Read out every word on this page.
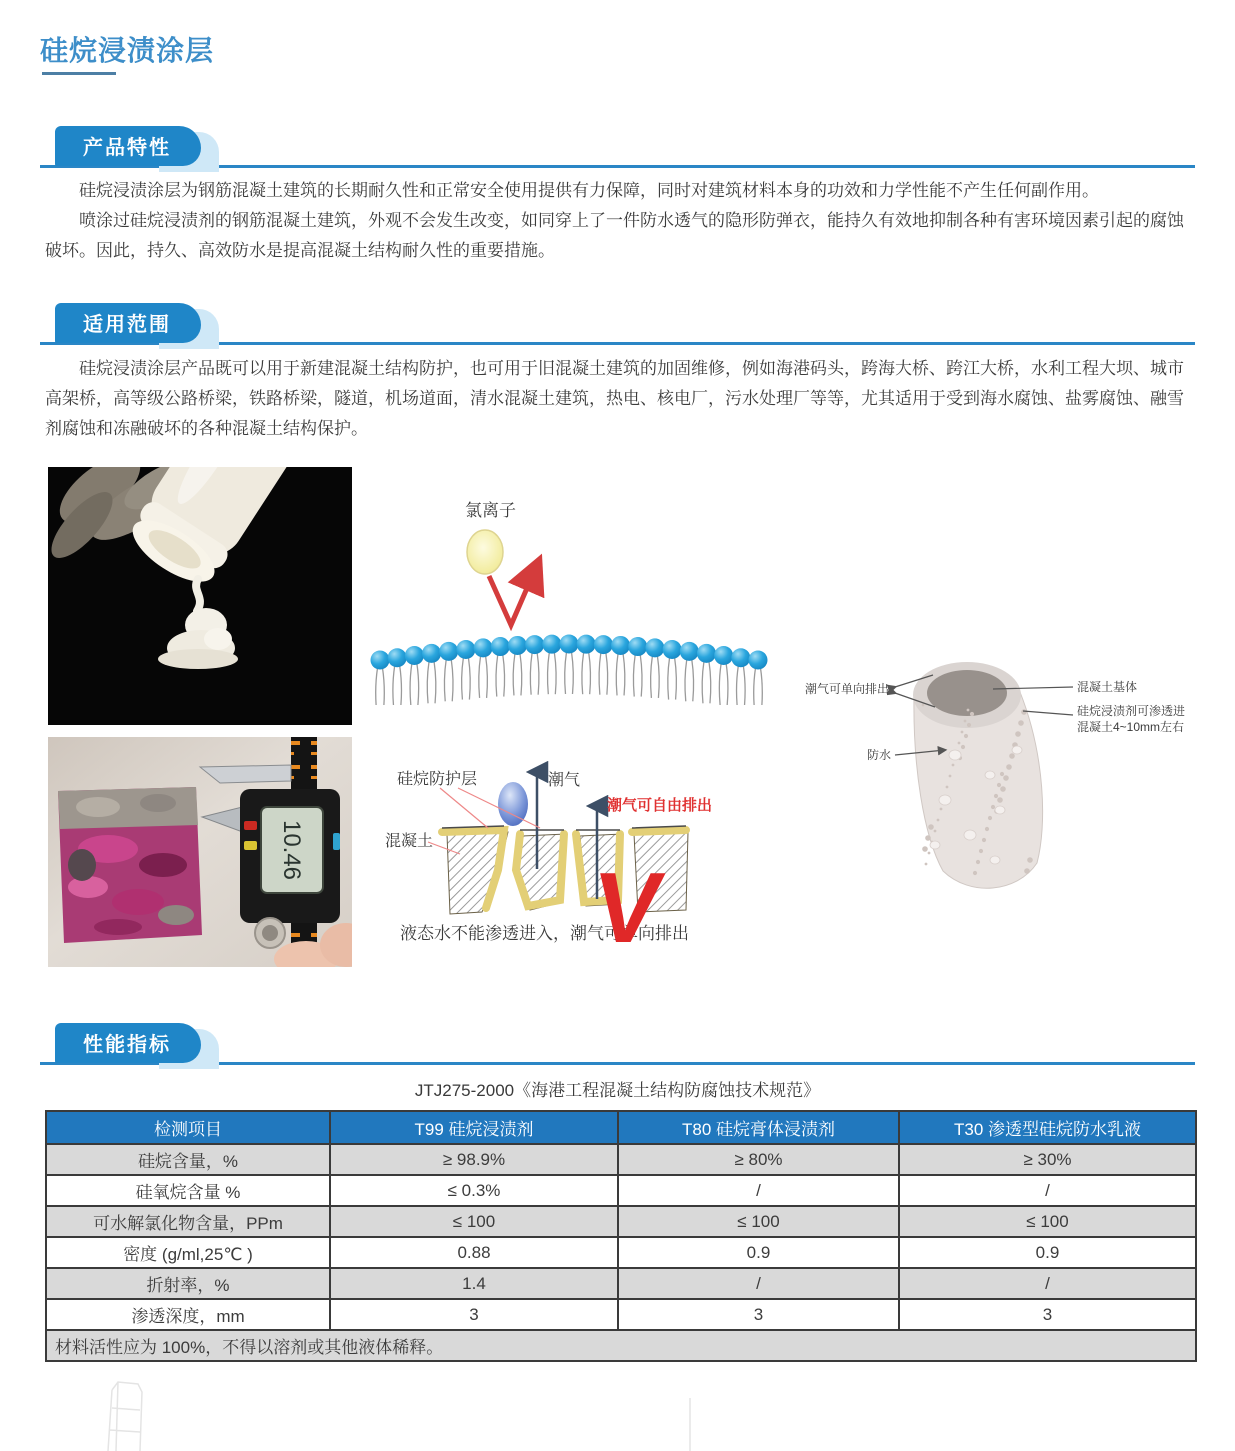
硅烷浸渍涂层
产品特性

硅烷浸渍涂层为钢筋混凝土建筑的长期耐久性和正常安全使用提供有力保障，同时对建筑材料本身的功效和力学性能不产生任何副作用。

喷涂过硅烷浸渍剂的钢筋混凝土建筑，外观不会发生改变，如同穿上了一件防水透气的隐形防弹衣，能持久有效地抑制各种有害环境因素引起的腐蚀破坏。因此，持久、高效防水是提高混凝土结构耐久性的重要措施。

适用范围

硅烷浸渍涂层产品既可以用于新建混凝土结构防护，也可用于旧混凝土建筑的加固维修，例如海港码头，跨海大桥、跨江大桥，水利工程大坝、城市高架桥，高等级公路桥梁，铁路桥梁，隧道，机场道面，清水混凝土建筑，热电、核电厂，污水处理厂等等，尤其适用于受到海水腐蚀、盐雾腐蚀、融雪剂腐蚀和冻融破坏的各种混凝土结构保护。

10.46
氯离子
硅烷防护层	潮气
潮气可自由排出
混凝土
液态水不能渗透进入，潮气可单向排出
V
潮气可单向排出	混凝土基体
硅烷浸渍剂可渗透进
混凝土4~10mm左右
防水
性能指标
JTJ275-2000《海港工程混凝土结构防腐蚀技术规范》
检测项目	T99 硅烷浸渍剂	T80 硅烷膏体浸渍剂	T30 渗透型硅烷防水乳液
硅烷含量，%	≥ 98.9%	≥ 80%	≥ 30%
硅氧烷含量 %	≤ 0.3%	/	/
可水解氯化物含量，PPm	≤ 100	≤ 100	≤ 100
密度 (g/ml,25℃ )	0.88	0.9	0.9
折射率，%	1.4	/	/
渗透深度，mm	3	3	3
材料活性应为 100%，不得以溶剂或其他液体稀释。			
